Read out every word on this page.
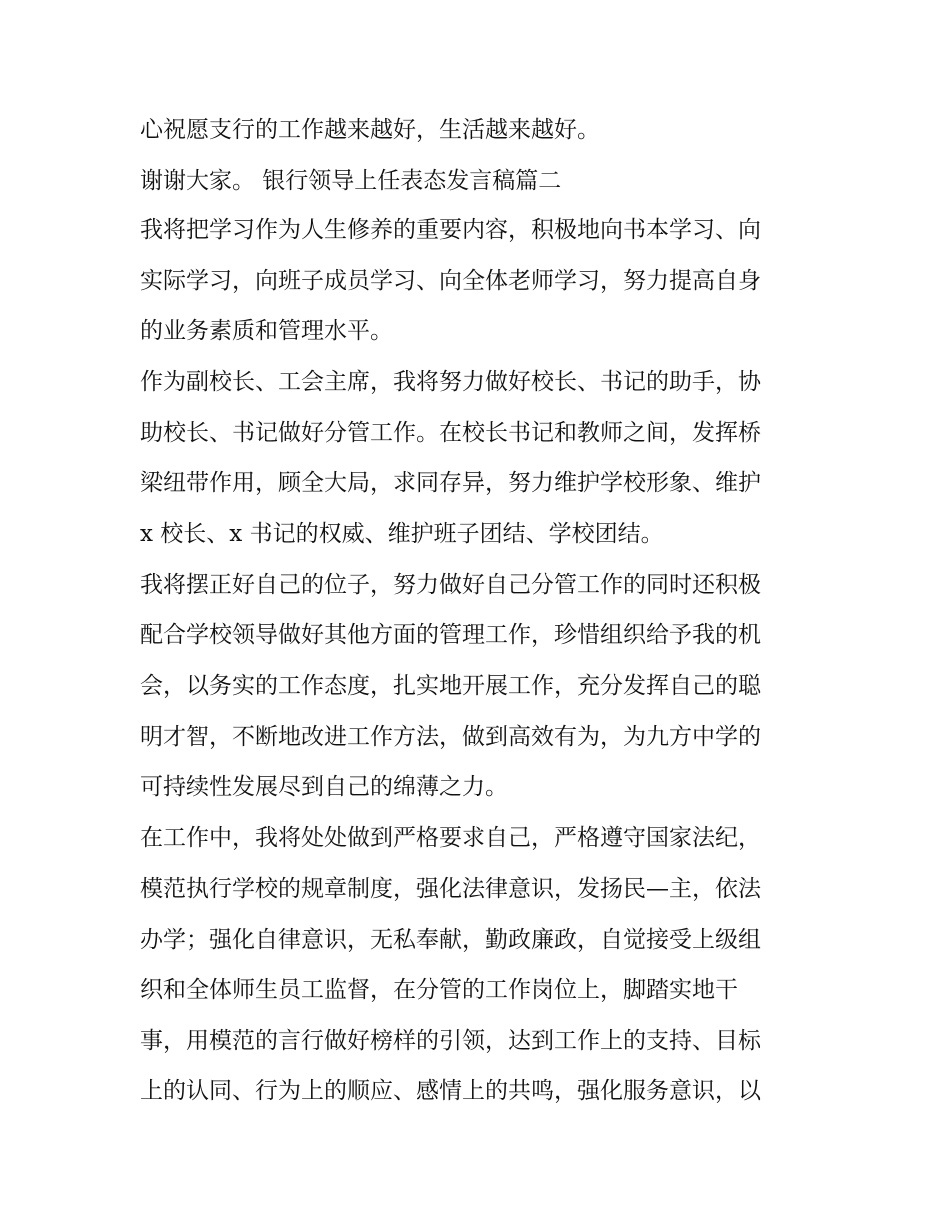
心祝愿支行的工作越来越好，生活越来越好。
谢谢大家。 银行领导上任表态发言稿篇二
我将把学习作为人生修养的重要内容，积极地向书本学习、向
实际学习，向班子成员学习、向全体老师学习，努力提高自身
的业务素质和管理水平。
作为副校长、工会主席，我将努力做好校长、书记的助手，协
助校长、书记做好分管工作。在校长书记和教师之间，发挥桥
梁纽带作用，顾全大局，求同存异，努力维护学校形象、维护
x 校长、x 书记的权威、维护班子团结、学校团结。
我将摆正好自己的位子，努力做好自己分管工作的同时还积极
配合学校领导做好其他方面的管理工作，珍惜组织给予我的机
会，以务实的工作态度，扎实地开展工作，充分发挥自己的聪
明才智，不断地改进工作方法，做到高效有为，为九方中学的
可持续性发展尽到自己的绵薄之力。
在工作中，我将处处做到严格要求自己，严格遵守国家法纪，
模范执行学校的规章制度，强化法律意识，发扬民—主，依法
办学；强化自律意识，无私奉献，勤政廉政，自觉接受上级组
织和全体师生员工监督，在分管的工作岗位上，脚踏实地干
事，用模范的言行做好榜样的引领，达到工作上的支持、目标
上的认同、行为上的顺应、感情上的共鸣，强化服务意识，以
